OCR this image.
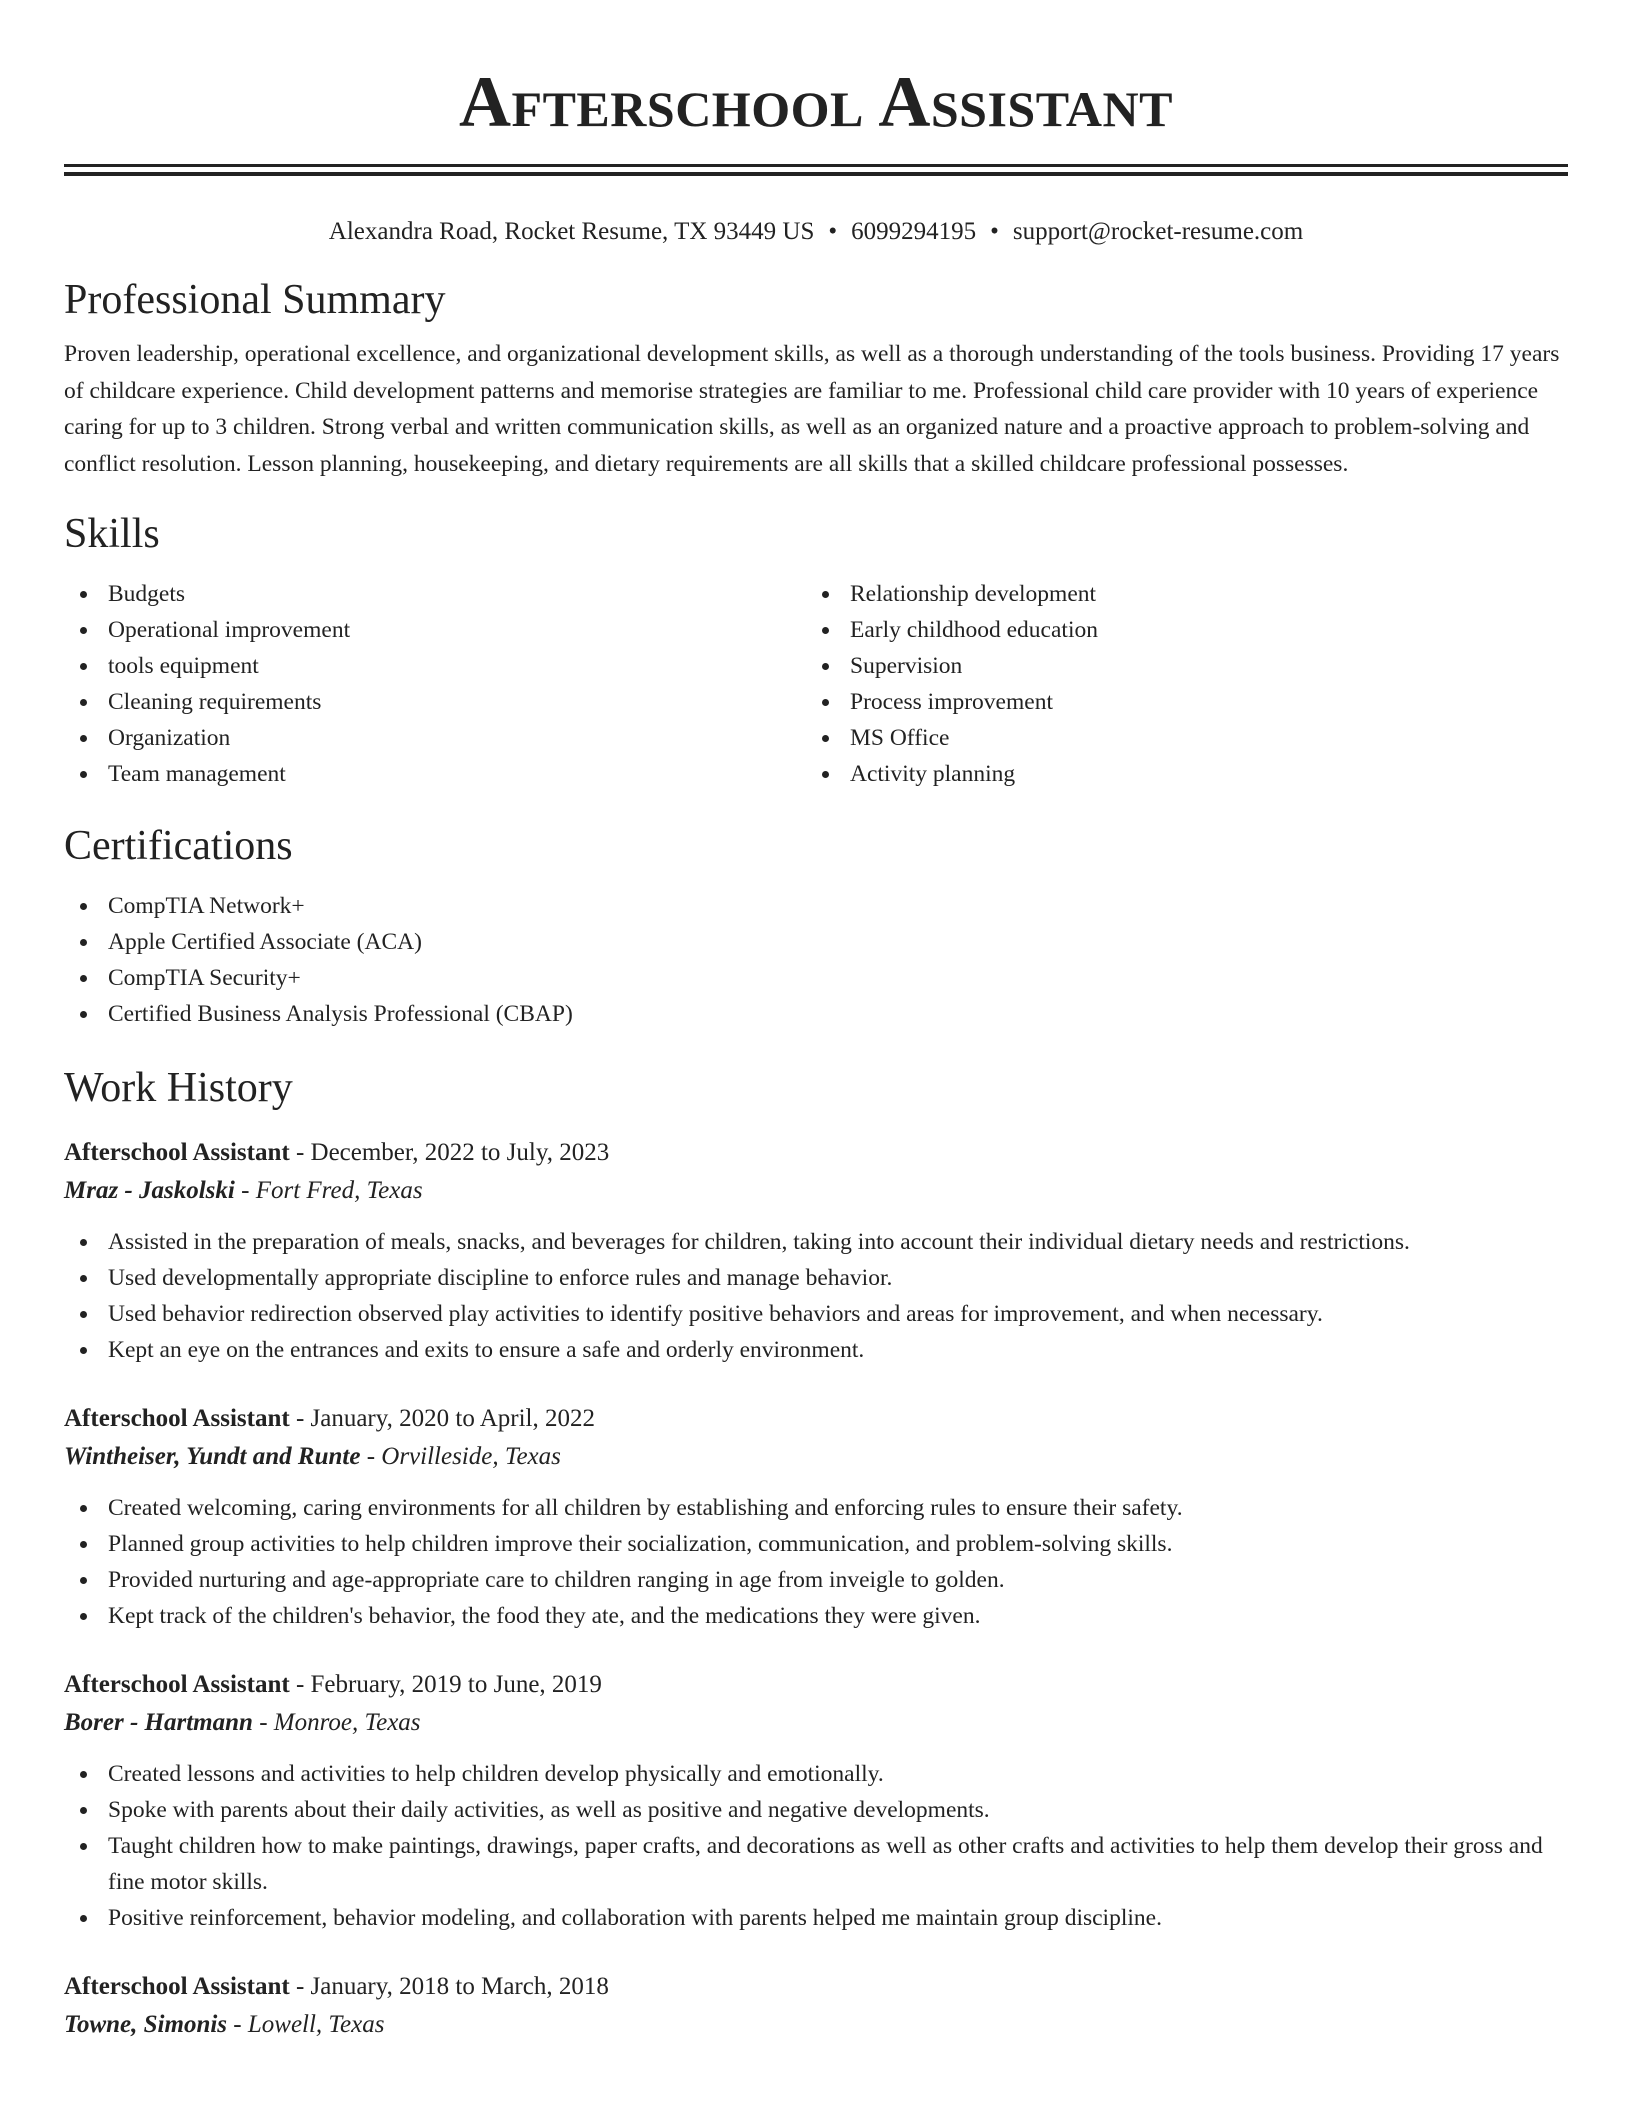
Afterschool Assistant
Alexandra Road, Rocket Resume, TX 93449 US • 6099294195 • support@rocket-resume.com
Professional Summary

Proven leadership, operational excellence, and organizational development skills, as well as a thorough understanding of the tools business. Providing 17 years of childcare experience. Child development patterns and memorise strategies are familiar to me. Professional child care provider with 10 years of experience caring for up to 3 children. Strong verbal and written communication skills, as well as an organized nature and a proactive approach to problem-solving and conflict resolution. Lesson planning, housekeeping, and dietary requirements are all skills that a skilled childcare professional possesses.

Skills
Budgets
Operational improvement
tools equipment
Cleaning requirements
Organization
Team management
Relationship development
Early childhood education
Supervision
Process improvement
MS Office
Activity planning
Certifications
CompTIA Network+
Apple Certified Associate (ACA)
CompTIA Security+
Certified Business Analysis Professional (CBAP)
Work History
Afterschool Assistant - December, 2022 to July, 2023
Mraz - Jaskolski - Fort Fred, Texas
Assisted in the preparation of meals, snacks, and beverages for children, taking into account their individual dietary needs and restrictions.
Used developmentally appropriate discipline to enforce rules and manage behavior.
Used behavior redirection observed play activities to identify positive behaviors and areas for improvement, and when necessary.
Kept an eye on the entrances and exits to ensure a safe and orderly environment.
Afterschool Assistant - January, 2020 to April, 2022
Wintheiser, Yundt and Runte - Orvilleside, Texas
Created welcoming, caring environments for all children by establishing and enforcing rules to ensure their safety.
Planned group activities to help children improve their socialization, communication, and problem-solving skills.
Provided nurturing and age-appropriate care to children ranging in age from inveigle to golden.
Kept track of the children's behavior, the food they ate, and the medications they were given.
Afterschool Assistant - February, 2019 to June, 2019
Borer - Hartmann - Monroe, Texas
Created lessons and activities to help children develop physically and emotionally.
Spoke with parents about their daily activities, as well as positive and negative developments.
Taught children how to make paintings, drawings, paper crafts, and decorations as well as other crafts and activities to help them develop their gross and fine motor skills.
Positive reinforcement, behavior modeling, and collaboration with parents helped me maintain group discipline.
Afterschool Assistant - January, 2018 to March, 2018
Towne, Simonis - Lowell, Texas
